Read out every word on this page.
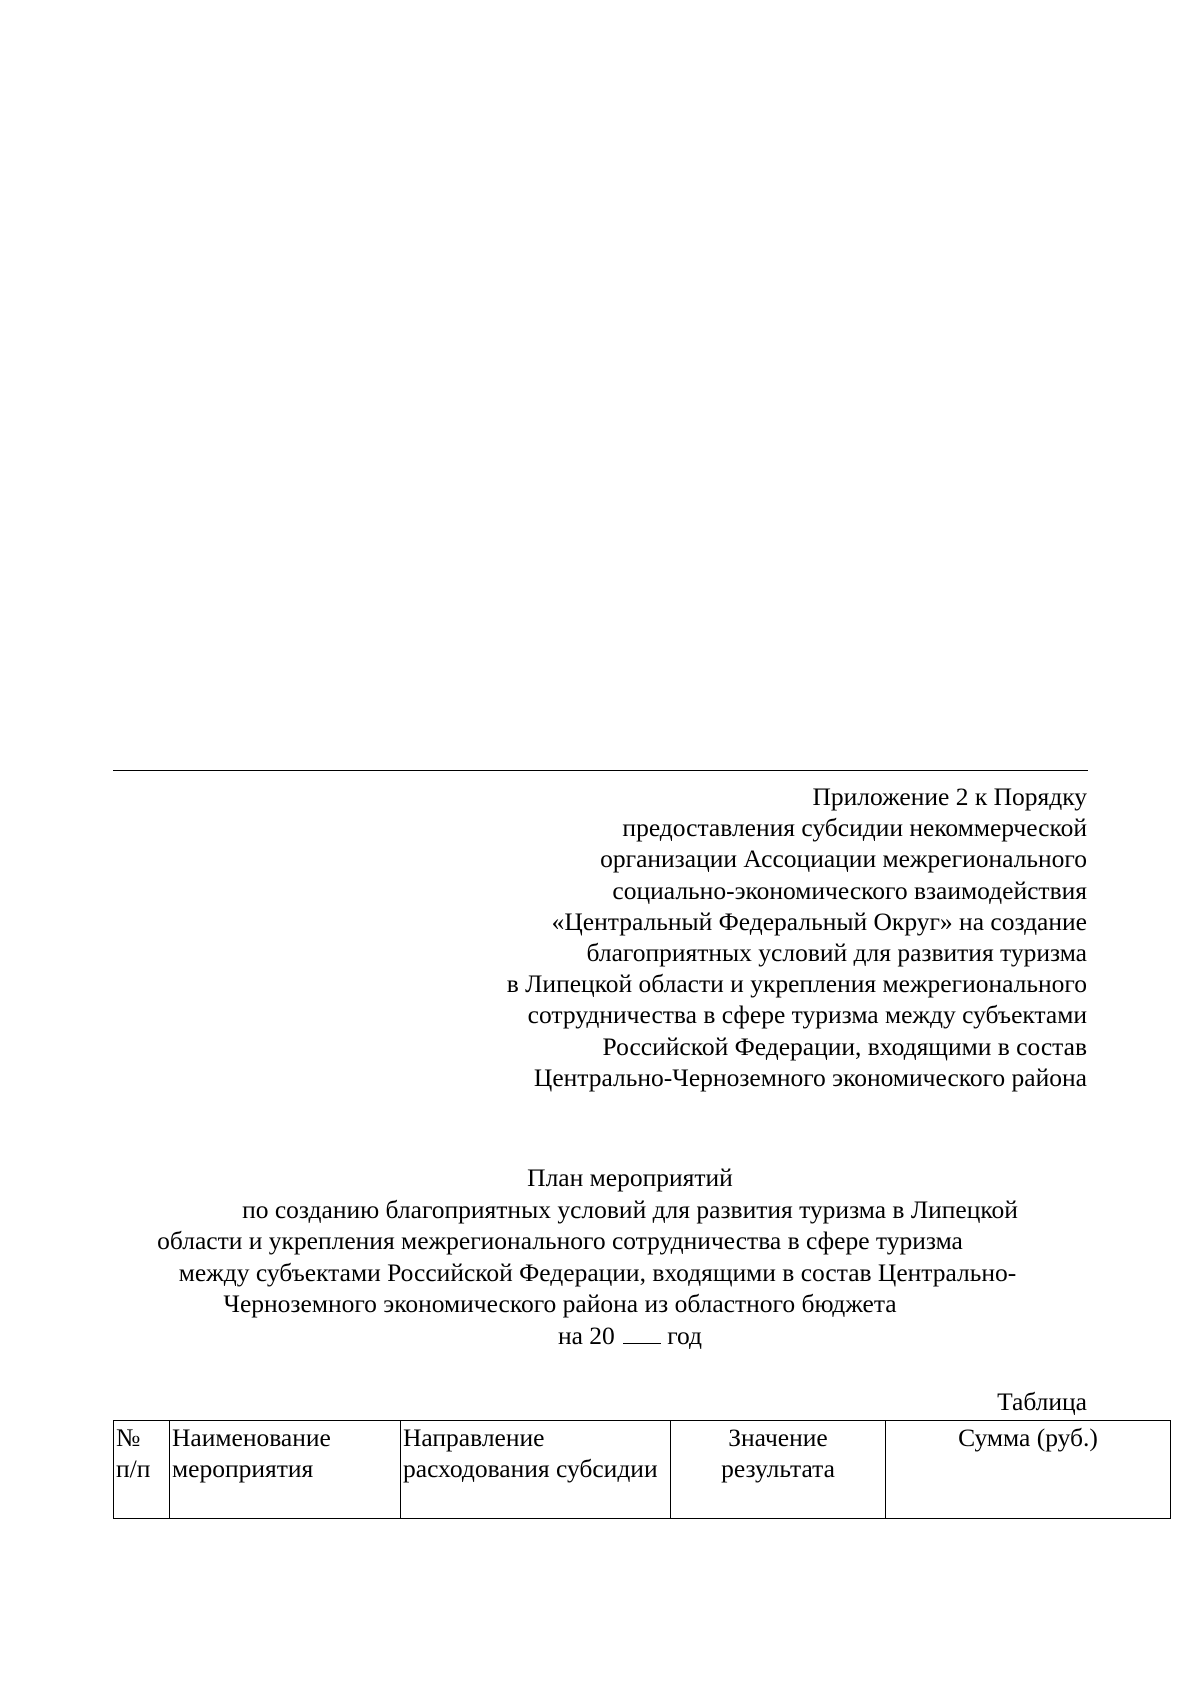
Приложение 2 к Порядку
предоставления субсидии некоммерческой
организации Ассоциации межрегионального
социально-экономического взаимодействия
«Центральный Федеральный Округ» на создание
благоприятных условий для развития туризма
в Липецкой области и укрепления межрегионального
сотрудничества в сфере туризма между субъектами
Российской Федерации, входящими в состав
Центрально-Черноземного экономического района
План мероприятий
по созданию благоприятных условий для развития туризма в Липецкой
области и укрепления межрегионального сотрудничества в сфере туризма
между субъектами Российской Федерации, входящими в состав Центрально-
Черноземного экономического района из областного бюджета
на 20 год
Таблица
№ п/п	Наименование мероприятия	Направление расходования субсидии	Значение результата	Сумма (руб.)
